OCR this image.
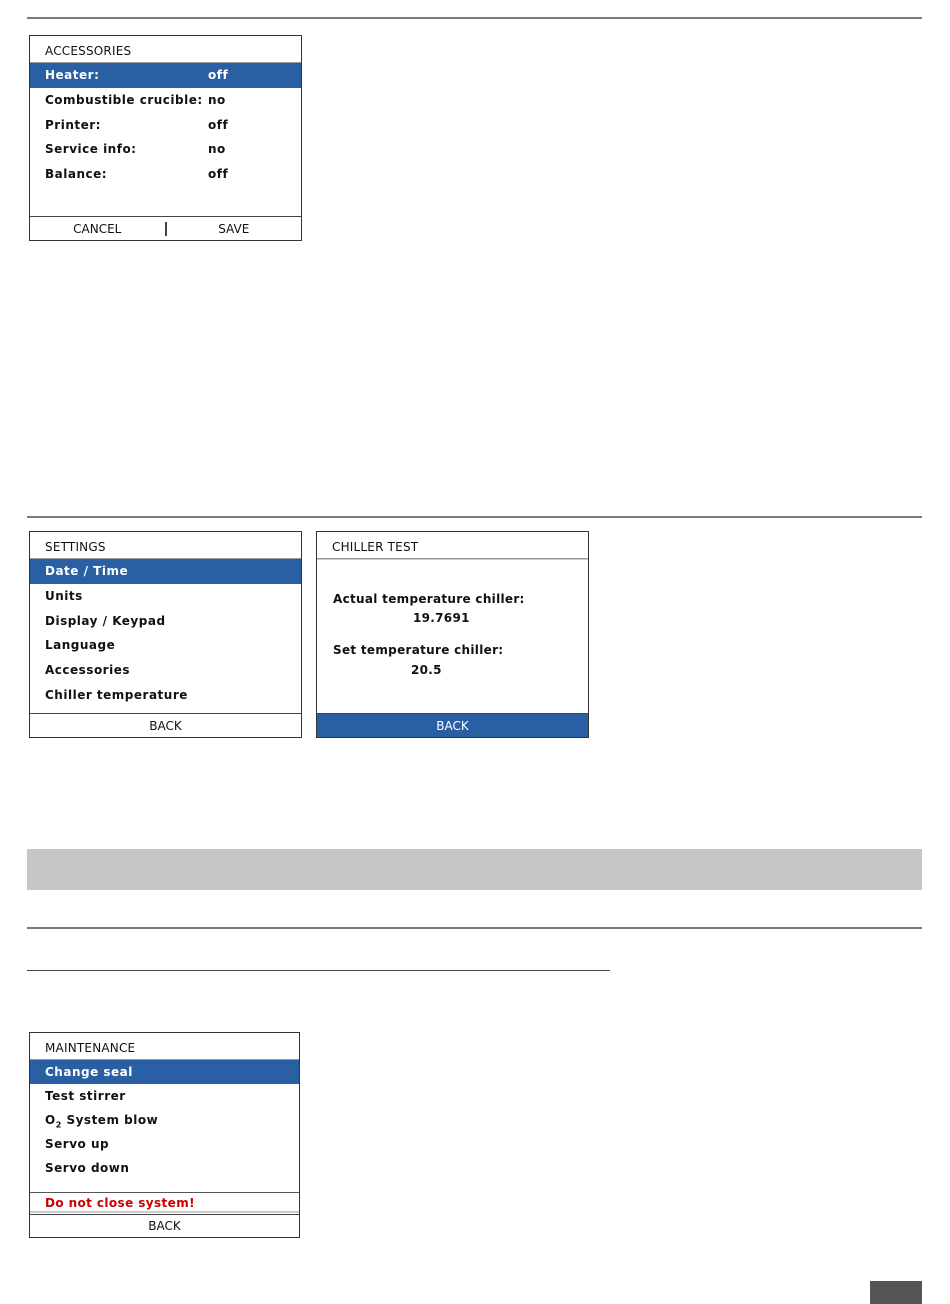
ACCESSORIES
Heater:	off
Combustible crucible: no
Printer:	off
Service info:	no
Balance:	off
CANCEL	SAVE
SETTINGS
Date / Time
Units
Display / Keypad
Language
Accessories
Chiller temperature
BACK
CHILLER TEST
Actual temperature chiller:
19.7691
Set temperature chiller:
20.5
BACK
MAINTENANCE
Change seal
Test stirrer
$O_2$ System blow
Servo up
Servo down
Do not close system!
BACK
